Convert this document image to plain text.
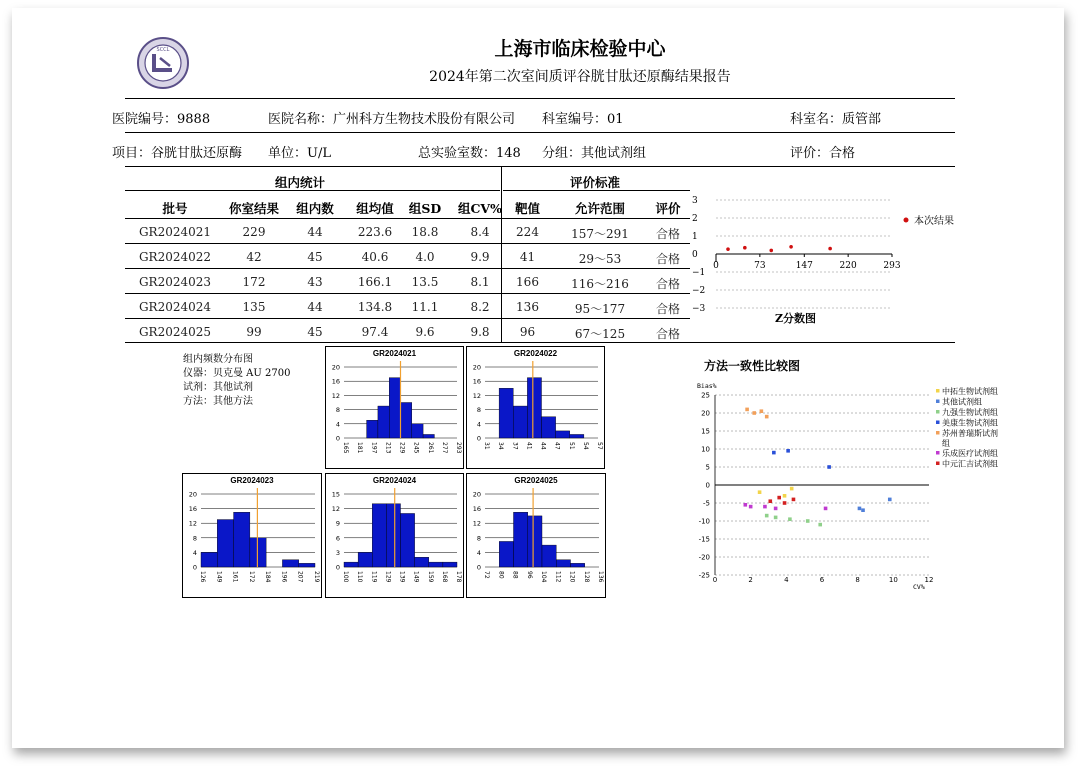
SCCL	上海市临床检验中心
2024年第二次室间质评谷胱甘肽还原酶结果报告
医院编号：9888	医院名称：广州科方生物技术股份有限公司 科室编号：01	科室名：质管部
项目：谷胱甘肽还原酶 单位：U/L	总实验室数：148 分组：其他试剂组	评价：合格
组内统计	评价标准
批号	你室结果	组内数	组均值	组SD	组CV%	靶值	允许范围	评价
GR2024021	229	44	223.6	18.8	8.4	224	157～291	合格
GR2024022	42	45	40.6	4.0	9.9	41	29～53	合格
GR2024023	172	43	166.1	13.5	8.1	166	116～216	合格
GR2024024	135	44	134.8	11.1	8.2	136	95～177	合格
GR2024025	99	45	97.4	9.6	9.8	96	67～125	合格
3
2
1
0
−1
−2
−3
0	73	147	220	293
本次结果
Z分数图
组内频数分布图
仪器：贝克曼 AU 2700
试剂：其他试剂
方法：其他方法
GR2024021
0
4
8
12
16
20
165 181 197 213 229 245 261 277 293
GR2024022
0
4
8
12
16
20
31 34 37 41 44 47 51 54 57
GR2024023
0
4
8
12
16
20
126 149 161 172 184 196 207 219
GR2024024
0
3
6
9
12
15
100 110 119 129 139 149 159 168 178
GR2024025
0
4
8
12
16
20
72 80 88 96 104 112 120 128 136
方法一致性比较图
Bias%
25
20
15
10
5
0
-5
-10
-15
-20
-25
0	2	4	6	8	10	12
CV%
中拓生物试剂组
其他试剂组
九强生物试剂组
美康生物试剂组
苏州普瑞斯试剂
组
乐成医疗试剂组
中元汇吉试剂组
